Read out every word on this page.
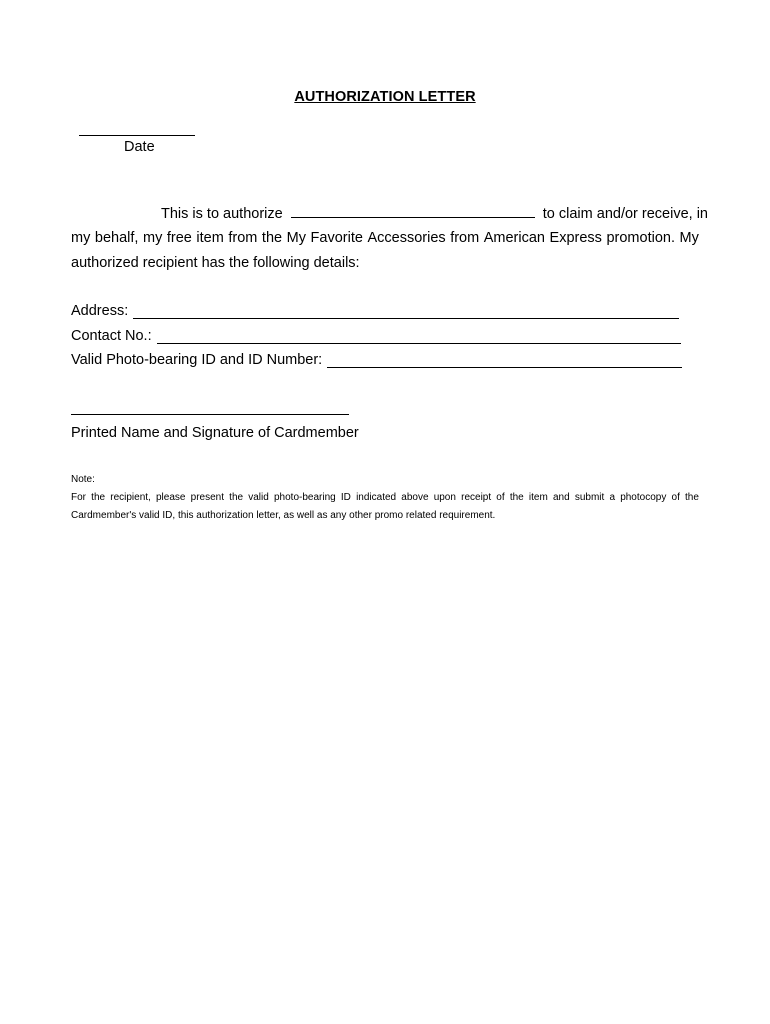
AUTHORIZATION LETTER
Date
This is to authorize	to claim and/or receive, in
my behalf, my free item from the My Favorite Accessories from American Express promotion. My
authorized recipient has the following details:
Address:
Contact No.:
Valid Photo-bearing ID and ID Number:
Printed Name and Signature of Cardmember
Note:
For the recipient, please present the valid photo-bearing ID indicated above upon receipt of the item and submit a photocopy of the
Cardmember's valid ID, this authorization letter, as well as any other promo related requirement.
